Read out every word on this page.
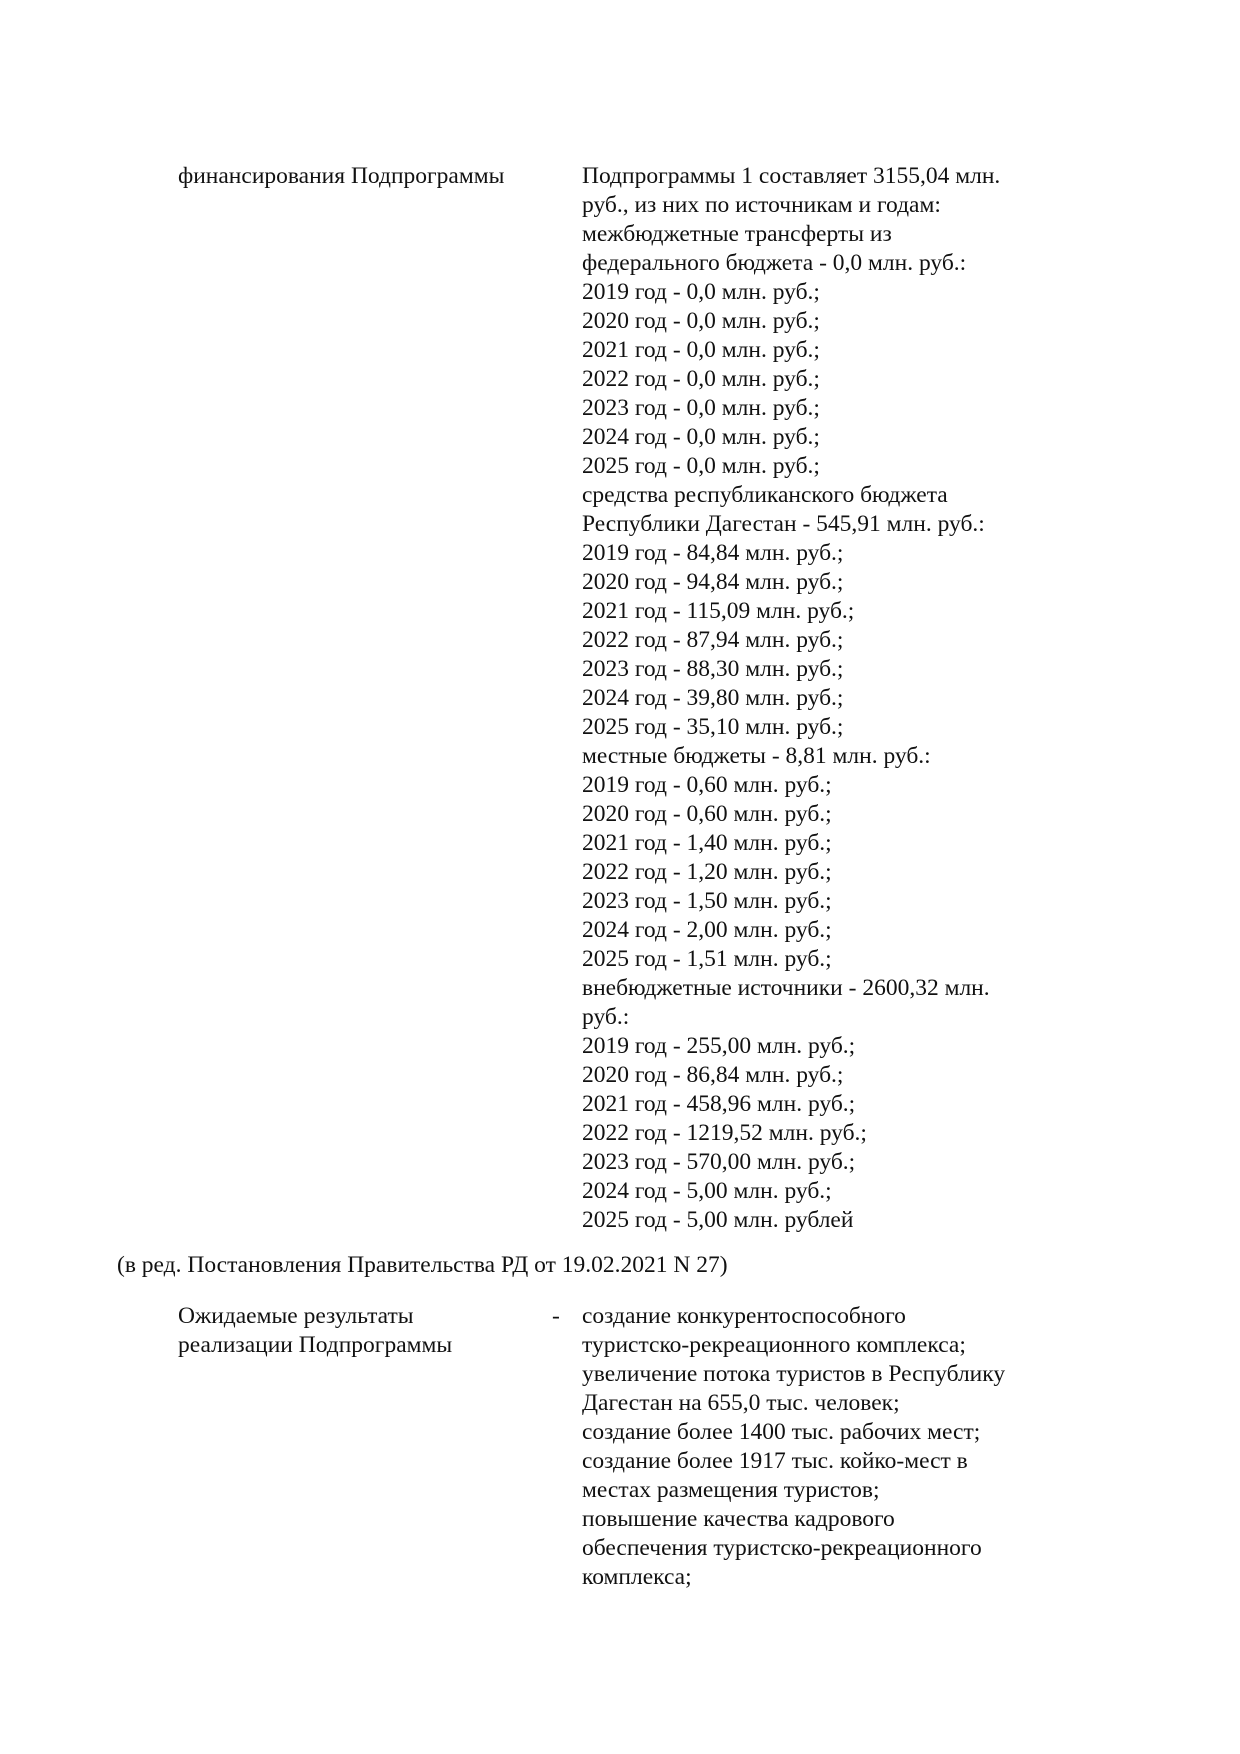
финансирования Подпрограммы	Подпрограммы 1 составляет 3155,04 млн.
руб., из них по источникам и годам:
межбюджетные трансферты из
федерального бюджета - 0,0 млн. руб.:
2019 год - 0,0 млн. руб.;
2020 год - 0,0 млн. руб.;
2021 год - 0,0 млн. руб.;
2022 год - 0,0 млн. руб.;
2023 год - 0,0 млн. руб.;
2024 год - 0,0 млн. руб.;
2025 год - 0,0 млн. руб.;
средства республиканского бюджета
Республики Дагестан - 545,91 млн. руб.:
2019 год - 84,84 млн. руб.;
2020 год - 94,84 млн. руб.;
2021 год - 115,09 млн. руб.;
2022 год - 87,94 млн. руб.;
2023 год - 88,30 млн. руб.;
2024 год - 39,80 млн. руб.;
2025 год - 35,10 млн. руб.;
местные бюджеты - 8,81 млн. руб.:
2019 год - 0,60 млн. руб.;
2020 год - 0,60 млн. руб.;
2021 год - 1,40 млн. руб.;
2022 год - 1,20 млн. руб.;
2023 год - 1,50 млн. руб.;
2024 год - 2,00 млн. руб.;
2025 год - 1,51 млн. руб.;
внебюджетные источники - 2600,32 млн.
руб.:
2019 год - 255,00 млн. руб.;
2020 год - 86,84 млн. руб.;
2021 год - 458,96 млн. руб.;
2022 год - 1219,52 млн. руб.;
2023 год - 570,00 млн. руб.;
2024 год - 5,00 млн. руб.;
2025 год - 5,00 млн. рублей
(в ред. Постановления Правительства РД от 19.02.2021 N 27)
Ожидаемые результаты
реализации Подпрограммы
- создание конкурентоспособного
туристско-рекреационного комплекса;
увеличение потока туристов в Республику
Дагестан на 655,0 тыс. человек;
создание более 1400 тыс. рабочих мест;
создание более 1917 тыс. койко-мест в
местах размещения туристов;
повышение качества кадрового
обеспечения туристско-рекреационного
комплекса;
